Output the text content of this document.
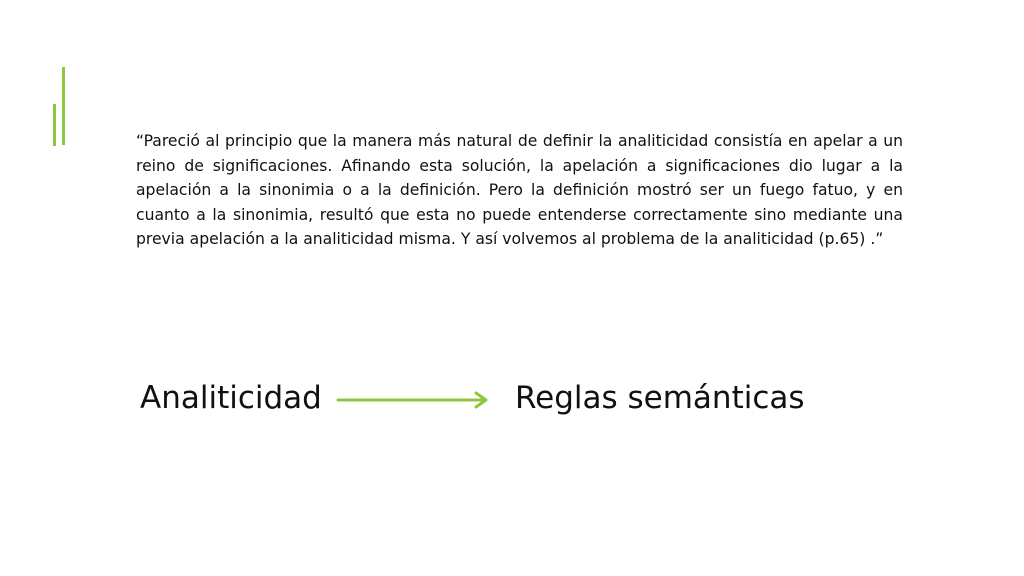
“Pareció al principio que la manera más natural de definir la analiticidad consistía en apelar a un reino de significaciones. Afinando esta solución, la apelación a significaciones dio lugar a la apelación a la sinonimia o a la definición. Pero la definición mostró ser un fuego fatuo, y en cuanto a la sinonimia, resultó que esta no puede entenderse correctamente sino mediante una previa apelación a la analiticidad misma. Y así volvemos al problema de la analiticidad (p.65) .”

Analiticidad	Reglas semánticas
